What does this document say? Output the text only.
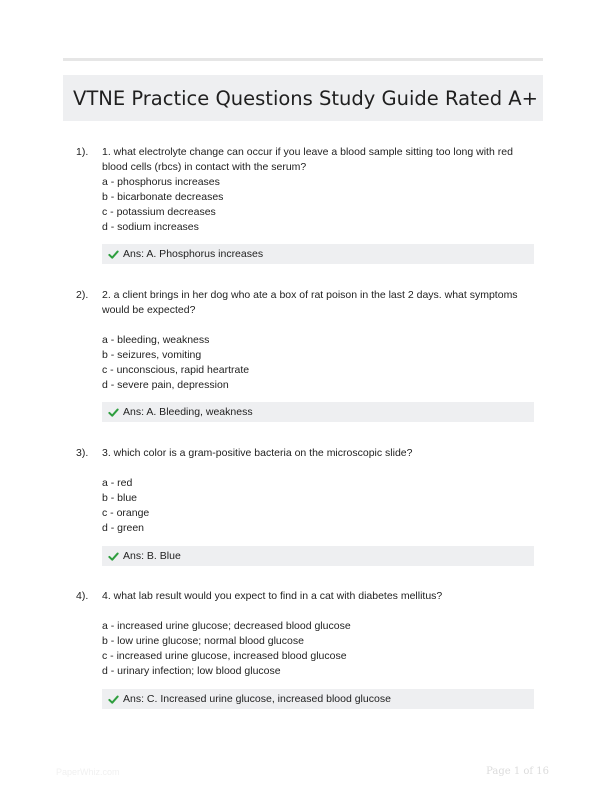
VTNE Practice Questions Study Guide Rated A+
1). 1. what electrolyte change can occur if you leave a blood sample sitting too long with red blood cells (rbcs) in contact with the serum?

a - phosphorus increases
b - bicarbonate decreases
c - potassium decreases
d - sodium increases
Ans: A. Phosphorus increases
2). 2. a client brings in her dog who ate a box of rat poison in the last 2 days. what symptoms would be expected?

a - bleeding, weakness
b - seizures, vomiting
c - unconscious, rapid heartrate
d - severe pain, depression
Ans: A. Bleeding, weakness
3). 3. which color is a gram-positive bacteria on the microscopic slide?

a - red
b - blue
c - orange
d - green
Ans: B. Blue
4). 4. what lab result would you expect to find in a cat with diabetes mellitus?

a - increased urine glucose; decreased blood glucose
b - low urine glucose; normal blood glucose
c - increased urine glucose, increased blood glucose
d - urinary infection; low blood glucose
Ans: C. Increased urine glucose, increased blood glucose
PaperWhiz.com	Page 1 of 16
